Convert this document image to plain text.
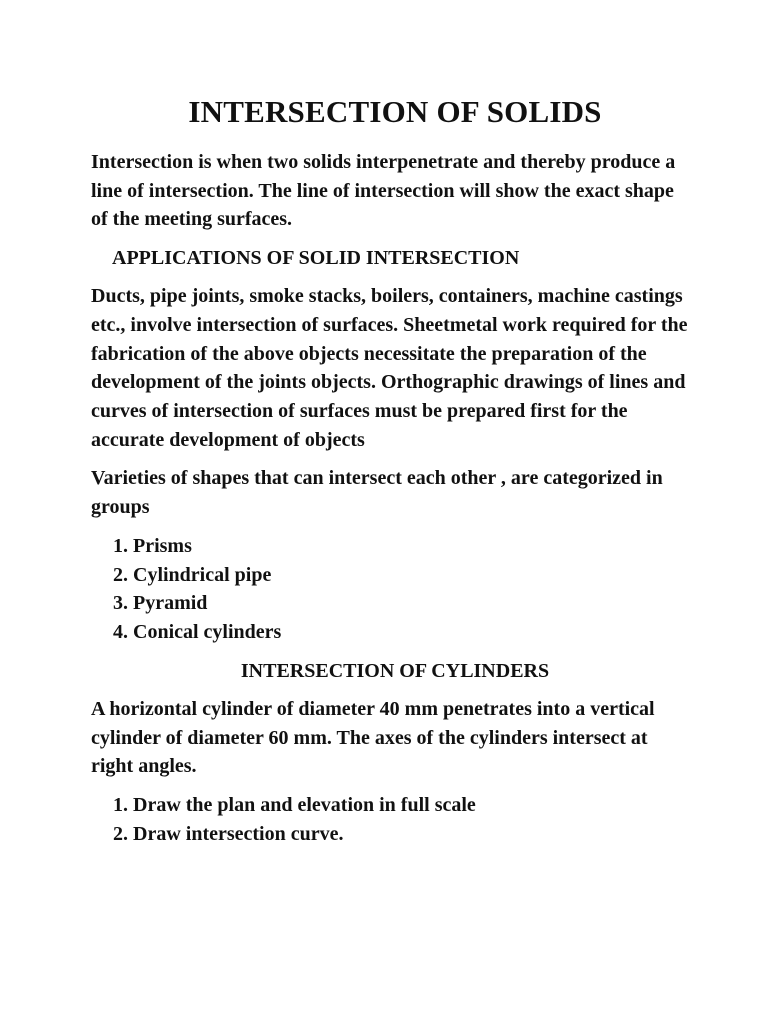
INTERSECTION OF SOLIDS

Intersection is when two solids interpenetrate and thereby produce a line of intersection. The line of intersection will show the exact shape of the meeting surfaces.

APPLICATIONS OF SOLID INTERSECTION

Ducts, pipe joints, smoke stacks, boilers, containers, machine castings etc., involve intersection of surfaces. Sheetmetal work required for the fabrication of the above objects necessitate the preparation of the development of the joints objects. Orthographic drawings of lines and curves of intersection of surfaces must be prepared first for the accurate development of objects

Varieties of shapes that can intersect each other , are categorized in groups

1. Prisms
2. Cylindrical pipe
3. Pyramid
4. Conical cylinders
INTERSECTION OF CYLINDERS

A horizontal cylinder of diameter 40 mm penetrates into a vertical cylinder of diameter 60 mm. The axes of the cylinders intersect at right angles.

1. Draw the plan and elevation in full scale
2. Draw intersection curve.
